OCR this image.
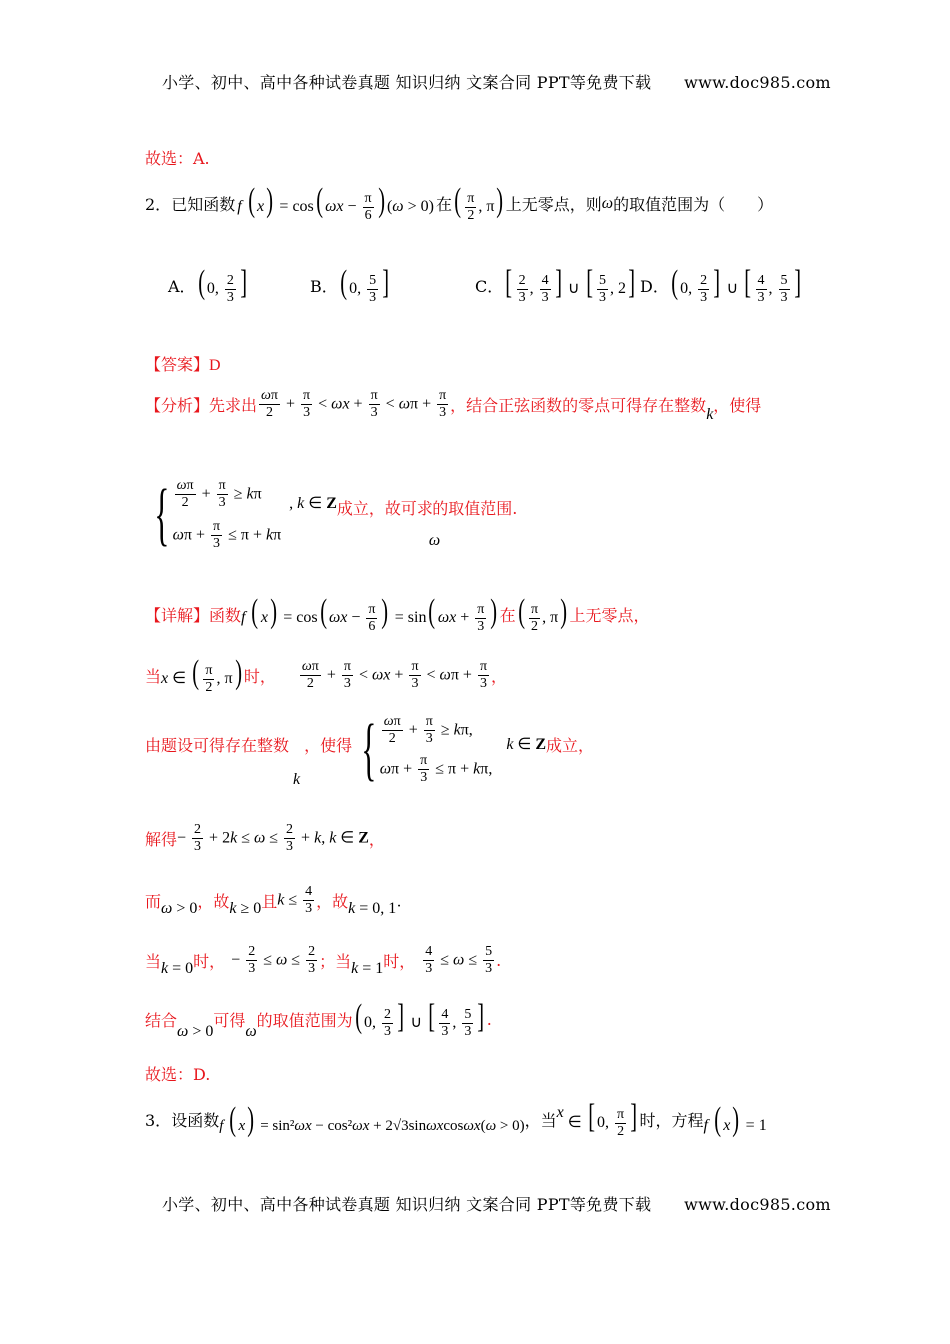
小学、初中、高中各种试卷真题 知识归纳 文案合同 PPT等免费下载 www.doc985.com
故选：A.
2． 已知函数 f ( x) = cos( $\omega x - \frac{\pi}{6}$ ) (ω > 0) 在 ( $\frac{\pi}{2}$ , π) 上无零点，则 ω 的取值范围为（　　）
A． ( 0, $\frac{2}{3}$ ]	B． ( 0, $\frac{5}{3}$ ]	C． [ $\frac{2}{3}$ , $\frac{4}{3}$ ] ∪ [ $\frac{5}{3}$ , 2] D． ( 0, $\frac{2}{3}$ ] ∪ [ $\frac{4}{3}$ , $\frac{5}{3}$ ]
【答案】D
【分析】 先求出 $\frac{\omega\pi}{2} + \frac{\pi}{3} < \omega x + \frac{\pi}{3} < \omega\pi + \frac{\pi}{3}$ ，结合正弦函数的零点可得存在整数 k ，使得
{ $\frac{\omega\pi}{2} + \frac{\pi}{3} \ge k\pi$
$\omega\pi + \frac{\pi}{3} \le \pi + k\pi$
, k ∈ Z 成立，故可求
ω
的取值范围.
【详解】 函数 f ( x) = cos( $\omega x - \frac{\pi}{6}$ ) = sin( $\omega x + \frac{\pi}{3}$ ) 在 ( $\frac{\pi}{2}$ , π) 上无零点，
当 x ∈ ( $\frac{\pi}{2}$ , π) 时， $\frac{\omega\pi}{2} + \frac{\pi}{3} < \omega x + \frac{\pi}{3} < \omega\pi + \frac{\pi}{3}$ ，
由题设可得存在整数
k
，使得 { $\frac{\omega\pi}{2} + \frac{\pi}{3} \ge k\pi$,
$\omega\pi + \frac{\pi}{3} \le \pi + k\pi$,
k ∈ Z 成立，
解得 − $\frac{2}{3} + 2k \le \omega \le \frac{2}{3} + k$, k ∈ Z ，
而 ω > 0 ，故 k ≥ 0 且 $k \le \frac{4}{3}$ ，故 k = 0, 1 ·
当 k = 0 时， − $\frac{2}{3} \le \omega \le \frac{2}{3}$ ；当 k = 1 时， $\frac{4}{3} \le \omega \le \frac{5}{3}$ .
结合
ω > 0
可得
ω
的取值范围为 ( 0, $\frac{2}{3}$ ] ∪ [ $\frac{4}{3}$ , $\frac{5}{3}$ ] .
故选：D.
3． 设函数 f ( x) = sin²ωx − cos²ωx + 2√3sinωxcosωx(ω > 0) ，当 x ∈ [ 0, $\frac{\pi}{2}$ ] 时，方程 f ( x) = 1
小学、初中、高中各种试卷真题 知识归纳 文案合同 PPT等免费下载 www.doc985.com
